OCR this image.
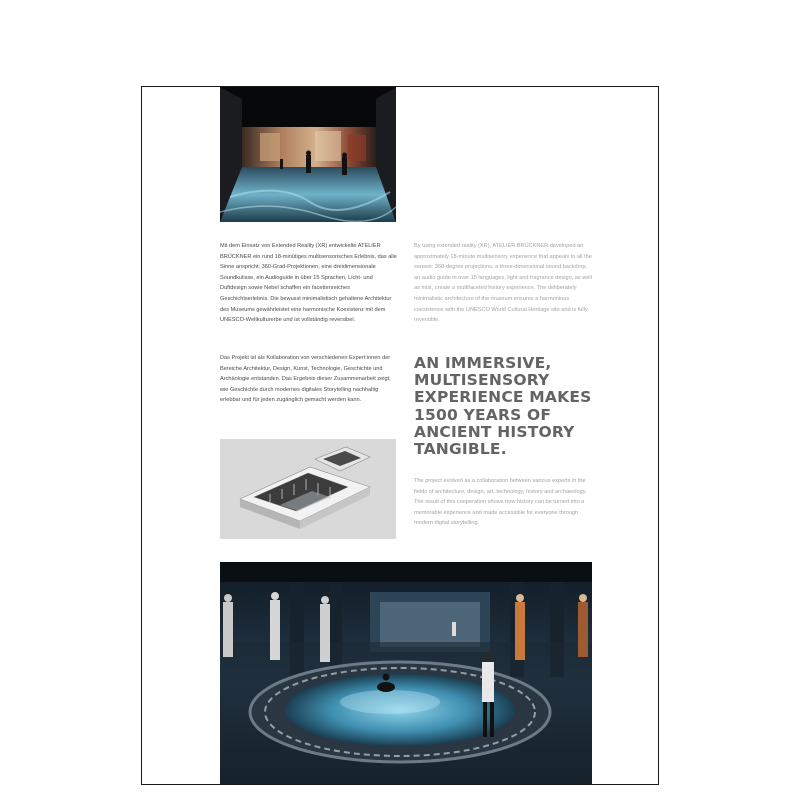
Mit dem Einsatz von Extended Reality (XR) entwickelte ATELIER BRÜCKNER ein rund 18-minütiges multisensorisches Erlebnis, das alle Sinne anspricht: 360-Grad-Projektionen, eine dreidimensionale Soundkulisse, ein Audioguide in über 15 Sprachen, Licht- und Duftdesign sowie Nebel schaffen ein facettenreiches Geschichtserlebnis. Die bewusst minimalistisch gehaltene Architektur des Museums gewährleistet eine harmonische Koexistenz mit dem UNESCO-Weltkulturerbe und ist vollständig reversibel.

Das Projekt ist als Kollaboration von verschiedenen Expert:innen der Bereiche Architektur, Design, Kunst, Technologie, Geschichte und Archäologie entstanden. Das Ergebnis dieser Zusammenarbeit zeigt, wie Geschichte durch modernes digitales Storytelling nachhaltig erlebbar und für jeden zugänglich gemacht werden kann.

By using extended reality (XR), ATELIER BRÜCKNER developed an approximately 18-minute multisensory experience that appeals to all the senses: 360-degree projections, a three-dimensional sound backdrop, an audio guide in over 15 languages, light and fragrance design, as well as mist, create a multifaceted history experience. The deliberately minimalistic architecture of the museum ensures a harmonious coexistence with the UNESCO World Cultural Heritage site and is fully reversible.

AN IMMERSIVE,
MULTISENSORY
EXPERIENCE MAKES
1500 YEARS OF
ANCIENT HISTORY
TANGIBLE.

The project evolved as a collaboration between various experts in the fields of architecture, design, art, technology, history and archaeology. The result of this cooperation shows how history can be turned into a memorable experience and made accessible for everyone through modern digital storytelling.
